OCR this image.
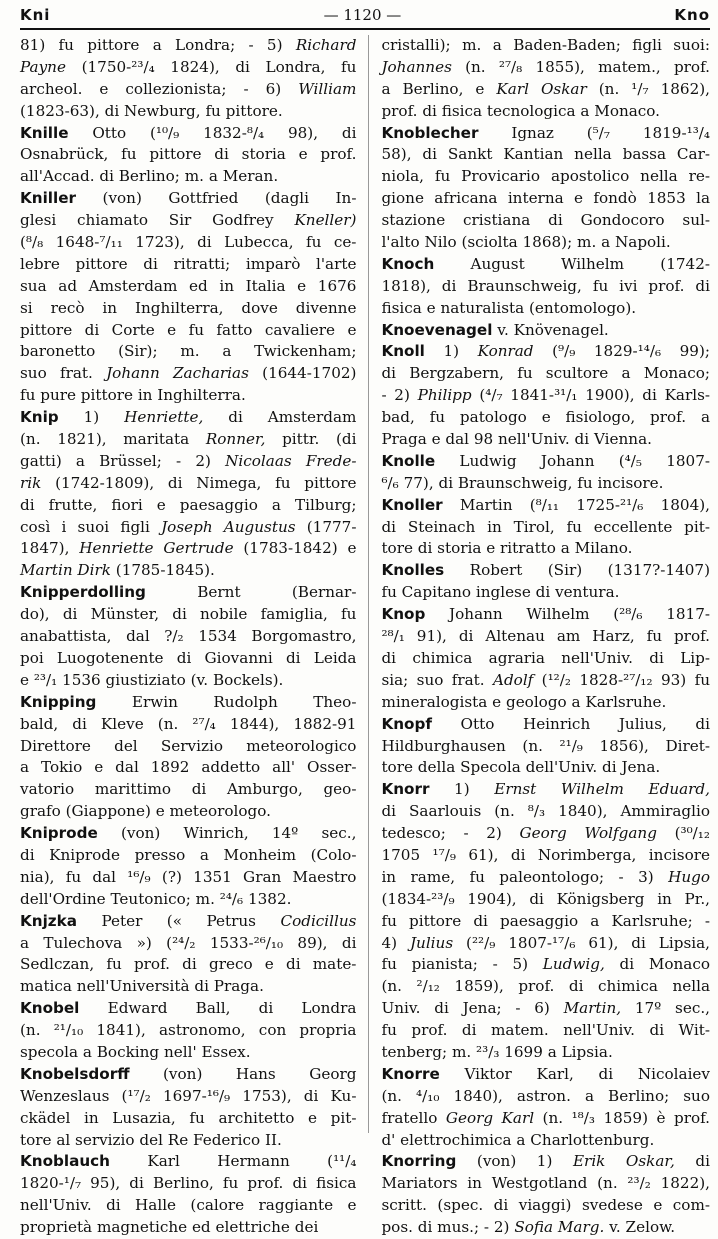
Kni	— 1120 —	Kno
81) fu pittore a Londra; - 5) Richard
Payne (1750-²³/₄ 1824), di Londra, fu
archeol. e collezionista; - 6) William
(1823-63), di Newburg, fu pittore.
Knille Otto (¹⁰/₉ 1832-⁸/₄ 98), di
Osnabrück, fu pittore di storia e prof.
all'Accad. di Berlino; m. a Meran.
Kniller (von) Gottfried (dagli In-
glesi chiamato Sir Godfrey Kneller)
(⁸/₈ 1648-⁷/₁₁ 1723), di Lubecca, fu ce-
lebre pittore di ritratti; imparò l'arte
sua ad Amsterdam ed in Italia e 1676
si recò in Inghilterra, dove divenne
pittore di Corte e fu fatto cavaliere e
baronetto (Sir); m. a Twickenham;
suo frat. Johann Zacharias (1644-1702)
fu pure pittore in Inghilterra.
Knip 1) Henriette, di Amsterdam
(n. 1821), maritata Ronner, pittr. (di
gatti) a Brüssel; - 2) Nicolaas Frede-
rik (1742-1809), di Nimega, fu pittore
di frutte, fiori e paesaggio a Tilburg;
così i suoi figli Joseph Augustus (1777-
1847), Henriette Gertrude (1783-1842) e
Martin Dirk (1785-1845).
Knipperdolling Bernt (Bernar-
do), di Münster, di nobile famiglia, fu
anabattista, dal ?/₂ 1534 Borgomastro,
poi Luogotenente di Giovanni di Leida
e ²³/₁ 1536 giustiziato (v. Bockels).
Knipping Erwin Rudolph Theo-
bald, di Kleve (n. ²⁷/₄ 1844), 1882-91
Direttore del Servizio meteorologico
a Tokio e dal 1892 addetto all' Osser-
vatorio marittimo di Amburgo, geo-
grafo (Giappone) e meteorologo.
Kniprode (von) Winrich, 14º sec.,
di Kniprode presso a Monheim (Colo-
nia), fu dal ¹⁶/₉ (?) 1351 Gran Maestro
dell'Ordine Teutonico; m. ²⁴/₆ 1382.
Knjzka Peter (« Petrus Codicillus
a Tulechova ») (²⁴/₂ 1533-²⁶/₁₀ 89), di
Sedlczan, fu prof. di greco e di mate-
matica nell'Università di Praga.
Knobel Edward Ball, di Londra
(n. ²¹/₁₀ 1841), astronomo, con propria
specola a Bocking nell' Essex.
Knobelsdorff (von) Hans Georg
Wenzeslaus (¹⁷/₂ 1697-¹⁶/₉ 1753), di Ku-
ckädel in Lusazia, fu architetto e pit-
tore al servizio del Re Federico II.
Knoblauch Karl Hermann (¹¹/₄
1820-¹/₇ 95), di Berlino, fu prof. di fisica
nell'Univ. di Halle (calore raggiante e
proprietà magnetiche ed elettriche dei
cristalli); m. a Baden-Baden; figli suoi:
Johannes (n. ²⁷/₈ 1855), matem., prof.
a Berlino, e Karl Oskar (n. ¹/₇ 1862),
prof. di fisica tecnologica a Monaco.
Knoblecher Ignaz (⁵/₇ 1819-¹³/₄
58), di Sankt Kantian nella bassa Car-
niola, fu Provicario apostolico nella re-
gione africana interna e fondò 1853 la
stazione cristiana di Gondocoro sul-
l'alto Nilo (sciolta 1868); m. a Napoli.
Knoch August Wilhelm (1742-
1818), di Braunschweig, fu ivi prof. di
fisica e naturalista (entomologo).
Knoevenagel v. Knövenagel.
Knoll 1) Konrad (⁹/₉ 1829-¹⁴/₆ 99);
di Bergzabern, fu scultore a Monaco;
- 2) Philipp (⁴/₇ 1841-³¹/₁ 1900), di Karls-
bad, fu patologo e fisiologo, prof. a
Praga e dal 98 nell'Univ. di Vienna.
Knolle Ludwig Johann (⁴/₅ 1807-
⁶/₆ 77), di Braunschweig, fu incisore.
Knoller Martin (⁸/₁₁ 1725-²¹/₆ 1804),
di Steinach in Tirol, fu eccellente pit-
tore di storia e ritratto a Milano.
Knolles Robert (Sir) (1317?-1407)
fu Capitano inglese di ventura.
Knop Johann Wilhelm (²⁸/₆ 1817-
²⁸/₁ 91), di Altenau am Harz, fu prof.
di chimica agraria nell'Univ. di Lip-
sia; suo frat. Adolf (¹²/₂ 1828-²⁷/₁₂ 93) fu
mineralogista e geologo a Karlsruhe.
Knopf Otto Heinrich Julius, di
Hildburghausen (n. ²¹/₉ 1856), Diret-
tore della Specola dell'Univ. di Jena.
Knorr 1) Ernst Wilhelm Eduard,
di Saarlouis (n. ⁸/₃ 1840), Ammiraglio
tedesco; - 2) Georg Wolfgang (³⁰/₁₂
1705 ¹⁷/₉ 61), di Norimberga, incisore
in rame, fu paleontologo; - 3) Hugo
(1834-²³/₉ 1904), di Königsberg in Pr.,
fu pittore di paesaggio a Karlsruhe; -
4) Julius (²²/₉ 1807-¹⁷/₆ 61), di Lipsia,
fu pianista; - 5) Ludwig, di Monaco
(n. ²/₁₂ 1859), prof. di chimica nella
Univ. di Jena; - 6) Martin, 17º sec.,
fu prof. di matem. nell'Univ. di Wit-
tenberg; m. ²³/₃ 1699 a Lipsia.
Knorre Viktor Karl, di Nicolaiev
(n. ⁴/₁₀ 1840), astron. a Berlino; suo
fratello Georg Karl (n. ¹⁸/₃ 1859) è prof.
d' elettrochimica a Charlottenburg.
Knorring (von) 1) Erik Oskar, di
Mariators in Westgotland (n. ²³/₂ 1822),
scritt. (spec. di viaggi) svedese e com-
pos. di mus.; - 2) Sofia Marg. v. Zelow.
